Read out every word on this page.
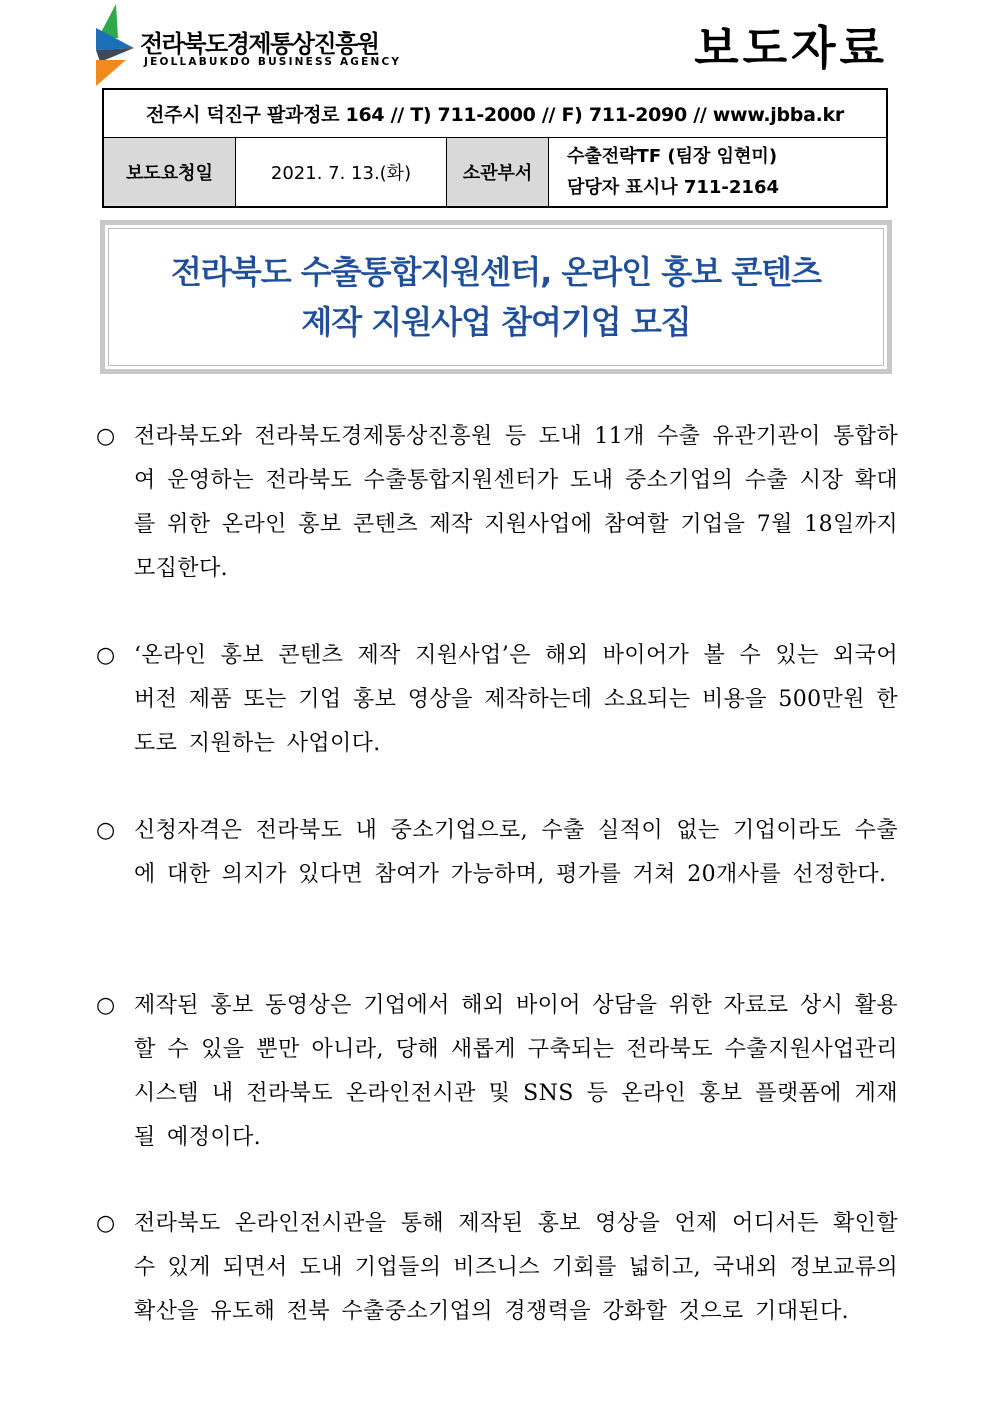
전라북도경제통상진흥원
JEOLLABUKDO BUSINESS AGENCY	보도자료
전주시 덕진구 팔과정로 164 // T) 711-2000 // F) 711-2090 // www.jbba.kr
보도요청일	2021. 7. 13.(화)	소관부서
수출전략TF (팀장 임현미)
담당자 표시나 711-2164
전라북도 수출통합지원센터, 온라인 홍보 콘텐츠
제작 지원사업 참여기업 모집
○ 전라북도와 전라북도경제통상진흥원 등 도내 11개 수출 유관기관이 통합하여 운영하는 전라북도 수출통합지원센터가 도내 중소기업의 수출 시장 확대를 위한 온라인 홍보 콘텐츠 제작 지원사업에 참여할 기업을 7월 18일까지 모집한다.
○ ‘온라인 홍보 콘텐츠 제작 지원사업’은 해외 바이어가 볼 수 있는 외국어 버전 제품 또는 기업 홍보 영상을 제작하는데 소요되는 비용을 500만원 한도로 지원하는 사업이다.
○ 신청자격은 전라북도 내 중소기업으로, 수출 실적이 없는 기업이라도 수출에 대한 의지가 있다면 참여가 가능하며, 평가를 거쳐 20개사를 선정한다.
○ 제작된 홍보 동영상은 기업에서 해외 바이어 상담을 위한 자료로 상시 활용할 수 있을 뿐만 아니라, 당해 새롭게 구축되는 전라북도 수출지원사업관리시스템 내 전라북도 온라인전시관 및 SNS 등 온라인 홍보 플랫폼에 게재될 예정이다.
○ 전라북도 온라인전시관을 통해 제작된 홍보 영상을 언제 어디서든 확인할 수 있게 되면서 도내 기업들의 비즈니스 기회를 넓히고, 국내외 정보교류의 확산을 유도해 전북 수출중소기업의 경쟁력을 강화할 것으로 기대된다.
